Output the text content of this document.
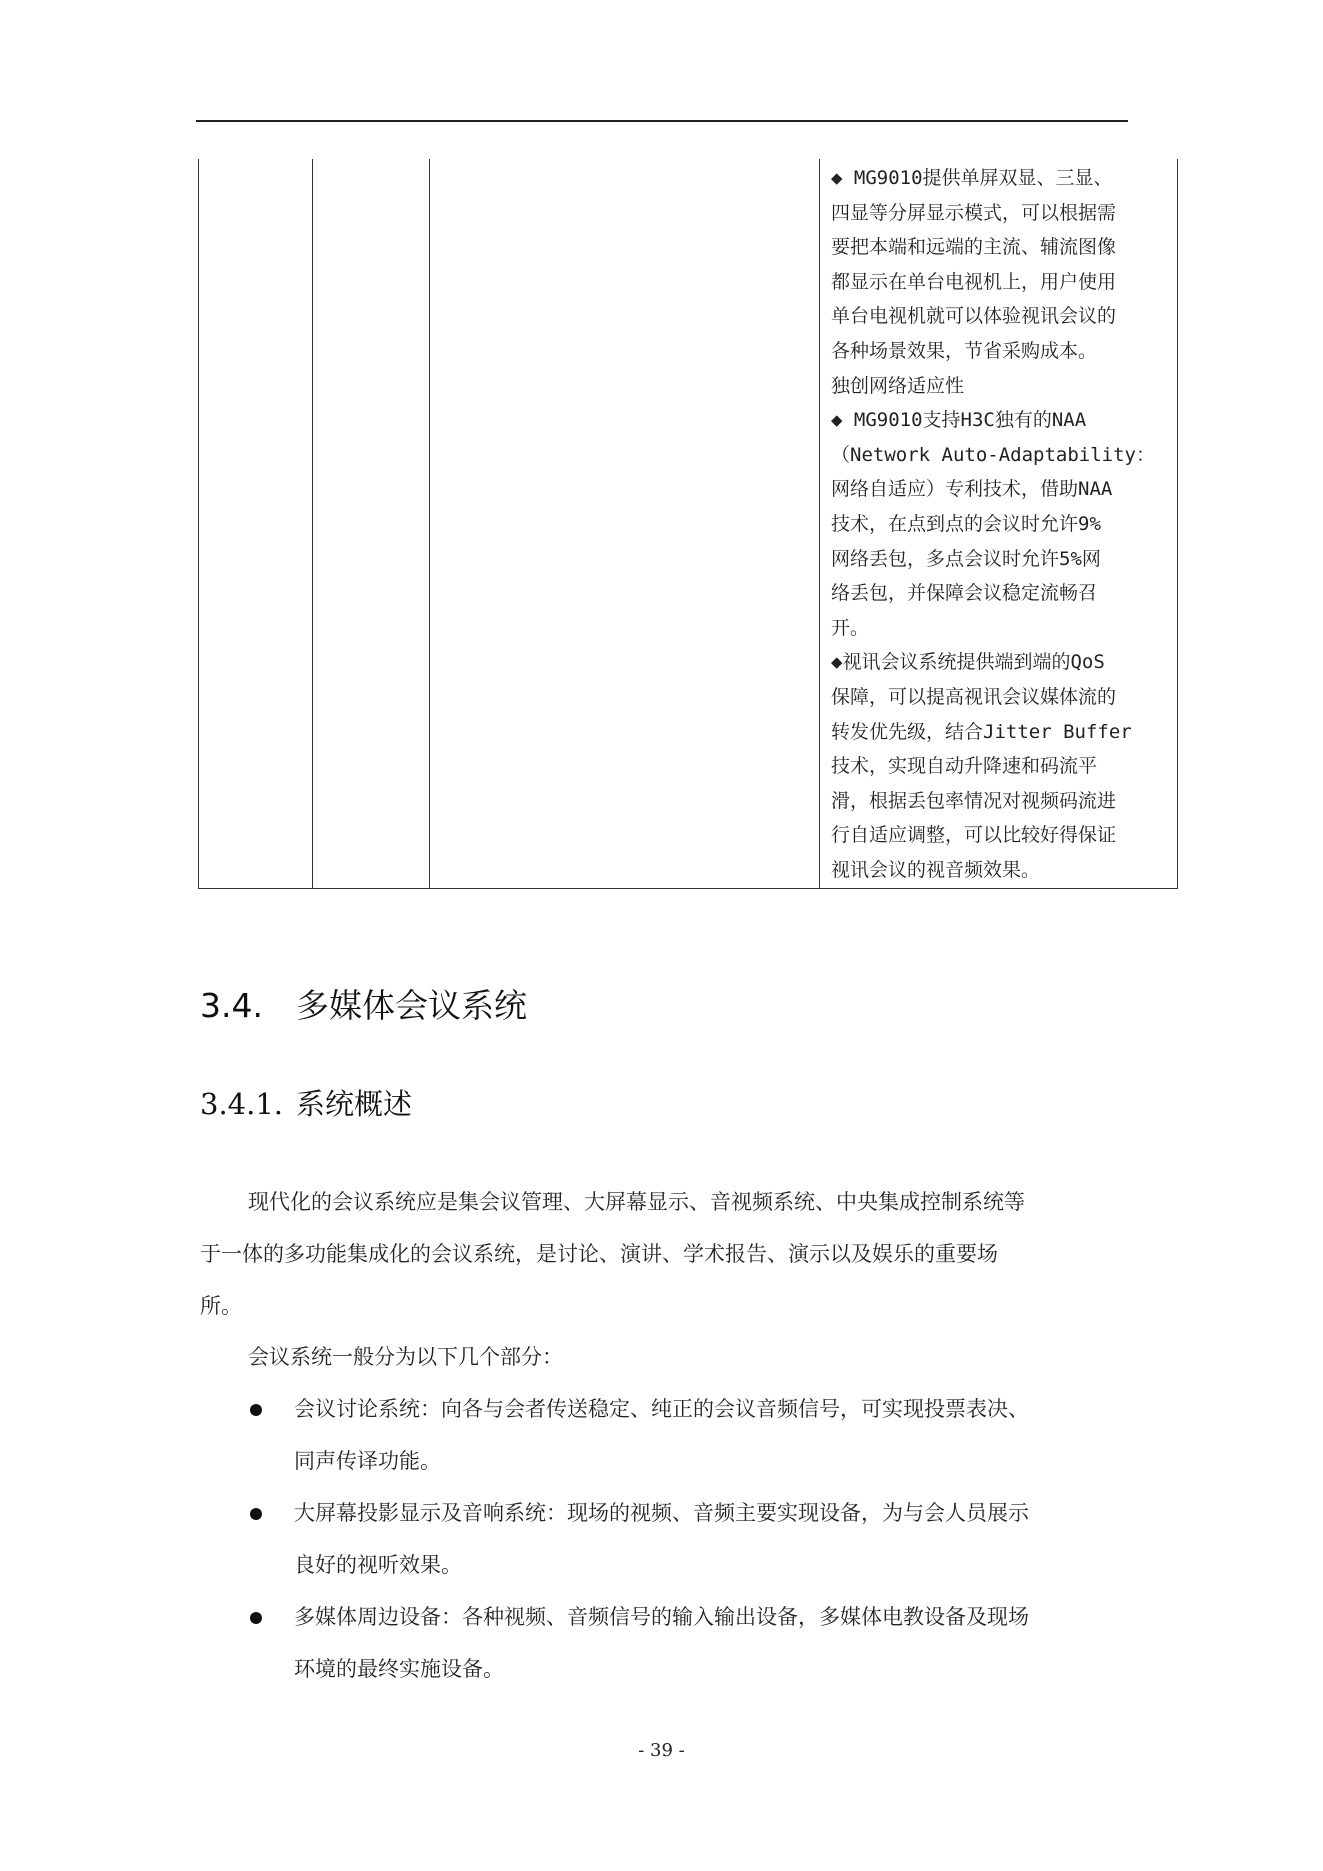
◆ MG9010提供单屏双显、三显、
四显等分屏显示模式，可以根据需
要把本端和远端的主流、辅流图像
都显示在单台电视机上，用户使用
单台电视机就可以体验视讯会议的
各种场景效果，节省采购成本。
独创网络适应性
◆ MG9010支持H3C独有的NAA
（Network Auto-Adaptability：
网络自适应）专利技术，借助NAA
技术，在点到点的会议时允许9%
网络丢包，多点会议时允许5%网
络丢包，并保障会议稳定流畅召
开。
◆视讯会议系统提供端到端的QoS
保障，可以提高视讯会议媒体流的
转发优先级，结合Jitter Buffer
技术，实现自动升降速和码流平
滑，根据丢包率情况对视频码流进
行自适应调整，可以比较好得保证
视讯会议的视音频效果。
3.4. 多媒体会议系统
3.4.1. 系统概述
现代化的会议系统应是集会议管理、大屏幕显示、音视频系统、中央集成控制系统等
于一体的多功能集成化的会议系统，是讨论、演讲、学术报告、演示以及娱乐的重要场
所。
会议系统一般分为以下几个部分：
会议讨论系统：向各与会者传送稳定、纯正的会议音频信号，可实现投票表决、
同声传译功能。
大屏幕投影显示及音响系统：现场的视频、音频主要实现设备，为与会人员展示
良好的视听效果。
多媒体周边设备：各种视频、音频信号的输入输出设备，多媒体电教设备及现场
环境的最终实施设备。
- 39 -
